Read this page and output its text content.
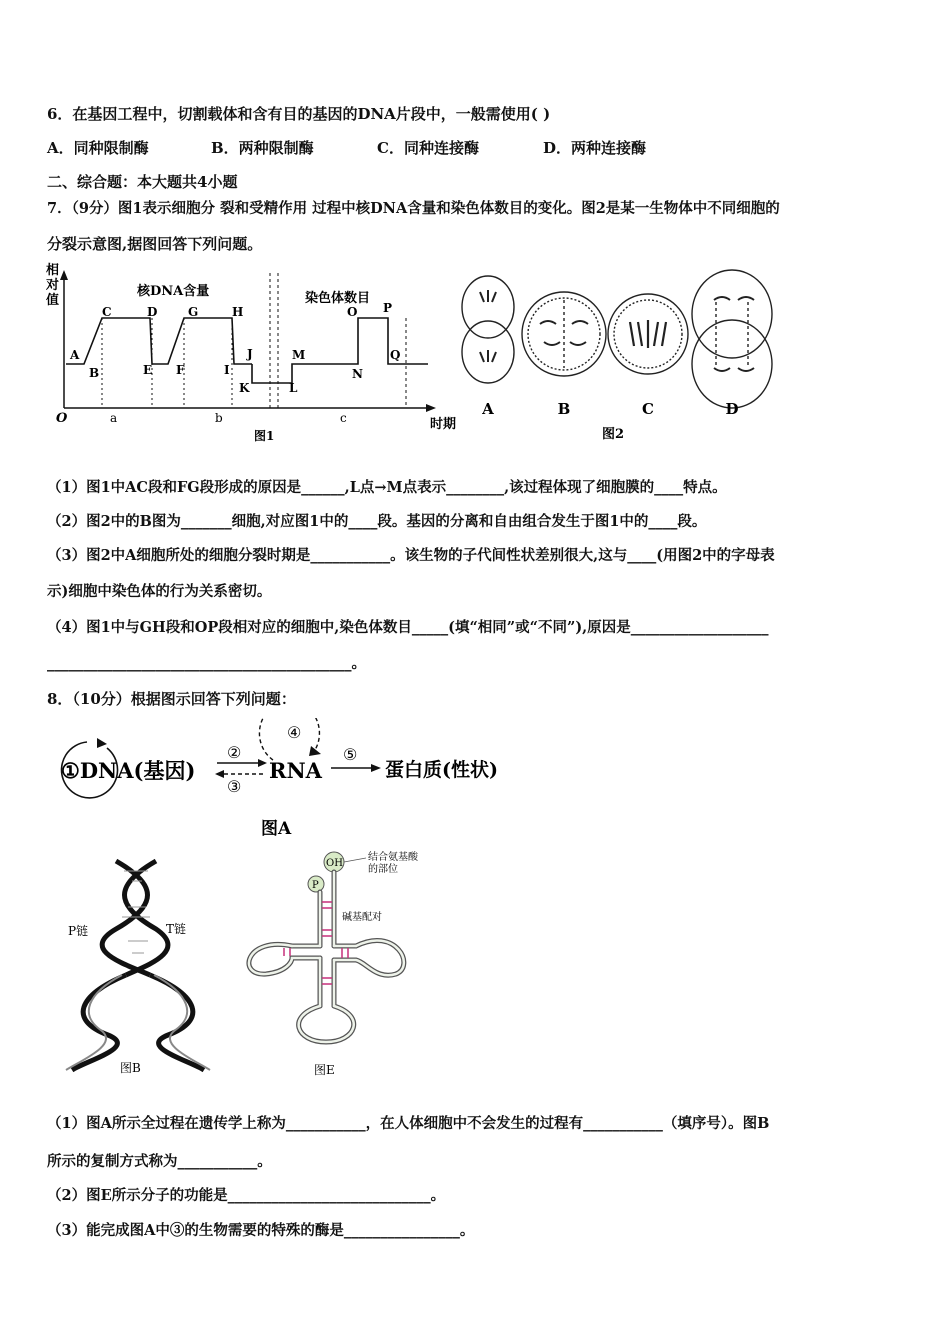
6．在基因工程中，切割载体和含有目的基因的DNA片段中，一般需使用( )
A．同种限制酶	B．两种限制酶	C．同种连接酶	D．两种连接酶
二、综合题：本大题共4小题
7．（9分）图1表示细胞分 裂和受精作用 过程中核DNA含量和染色体数目的变化。图2是某一生物体中不同细胞的
分裂示意图,据图回答下列问题。
相
对
值
核DNA含量	染色体数目
A
B
C	D
E F
G	H
I
J
K	L
M
N
O P
Q
O	a	b	c	时期
图1
A	B	C	D
图2
（1）图1中AC段和FG段形成的原因是______,L点→M点表示________,该过程体现了细胞膜的____特点。
（2）图2中的B图为_______细胞,对应图1中的____段。基因的分离和自由组合发生于图1中的____段。
（3）图2中A细胞所处的细胞分裂时期是___________。该生物的子代间性状差别很大,这与____(用图2中的字母表
示)细胞中染色体的行为关系密切。
（4）图1中与GH段和OP段相对应的细胞中,染色体数目_____(填“相同”或“不同”),原因是___________________
__________________________________________。
8．（10分）根据图示回答下列问题：
①DNA(基因)
②
③
④
RNA
⑤
蛋白质(性状)
图A
P链	T链
图B
OH
P
结合氨基酸
的部位
碱基配对
图E
（1）图A所示全过程在遗传学上称为___________，在人体细胞中不会发生的过程有___________（填序号）。图B
所示的复制方式称为___________。
（2）图E所示分子的功能是____________________________。
（3）能完成图A中③的生物需要的特殊的酶是________________。
